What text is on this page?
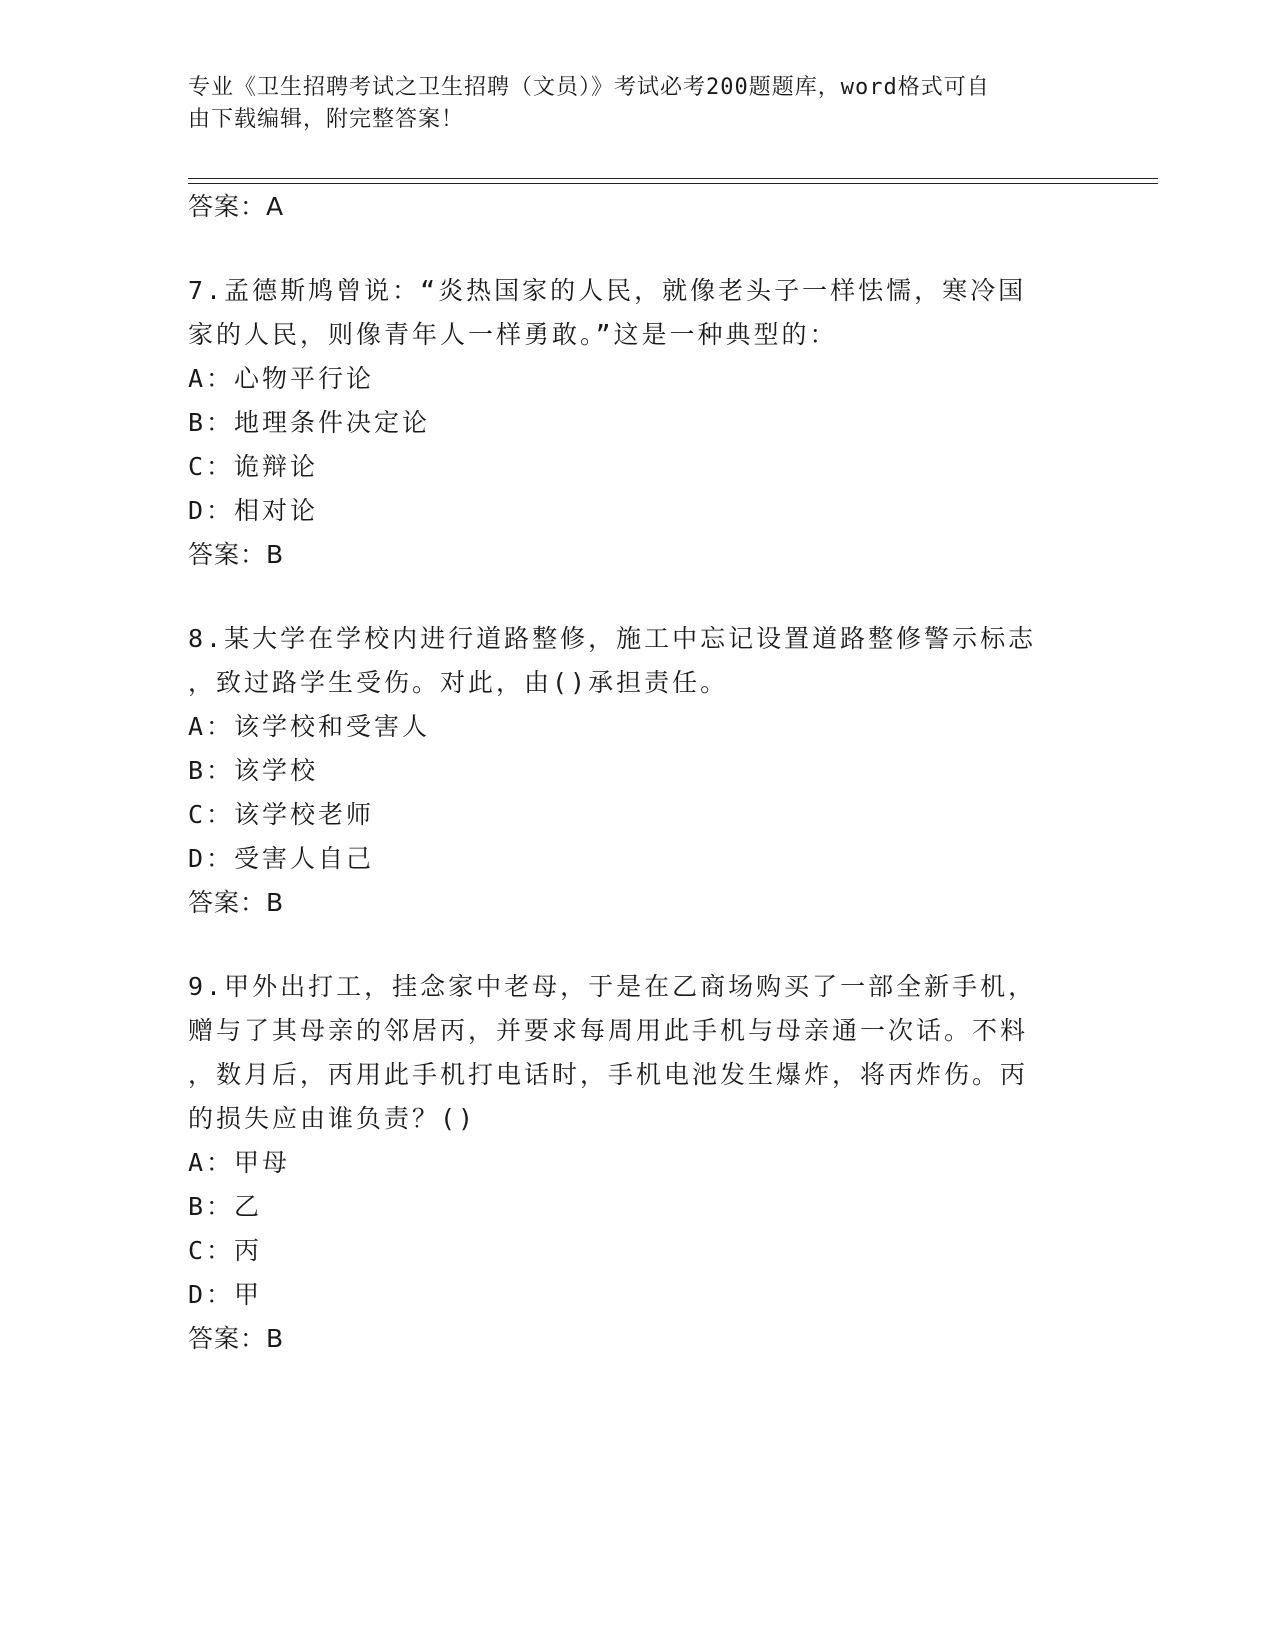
专业《卫生招聘考试之卫生招聘（文员）》考试必考200题题库，word格式可自
由下载编辑，附完整答案！
答案：A
7.孟德斯鸠曾说：“炎热国家的人民，就像老头子一样怯懦，寒冷国
家的人民，则像青年人一样勇敢。”这是一种典型的：
A：心物平行论
B：地理条件决定论
C：诡辩论
D：相对论
答案：B
8.某大学在学校内进行道路整修，施工中忘记设置道路整修警示标志
，致过路学生受伤。对此，由()承担责任。
A：该学校和受害人
B：该学校
C：该学校老师
D：受害人自己
答案：B
9.甲外出打工，挂念家中老母，于是在乙商场购买了一部全新手机，
赠与了其母亲的邻居丙，并要求每周用此手机与母亲通一次话。不料
，数月后，丙用此手机打电话时，手机电池发生爆炸，将丙炸伤。丙
的损失应由谁负责？()
A：甲母
B：乙
C：丙
D：甲
答案：B
